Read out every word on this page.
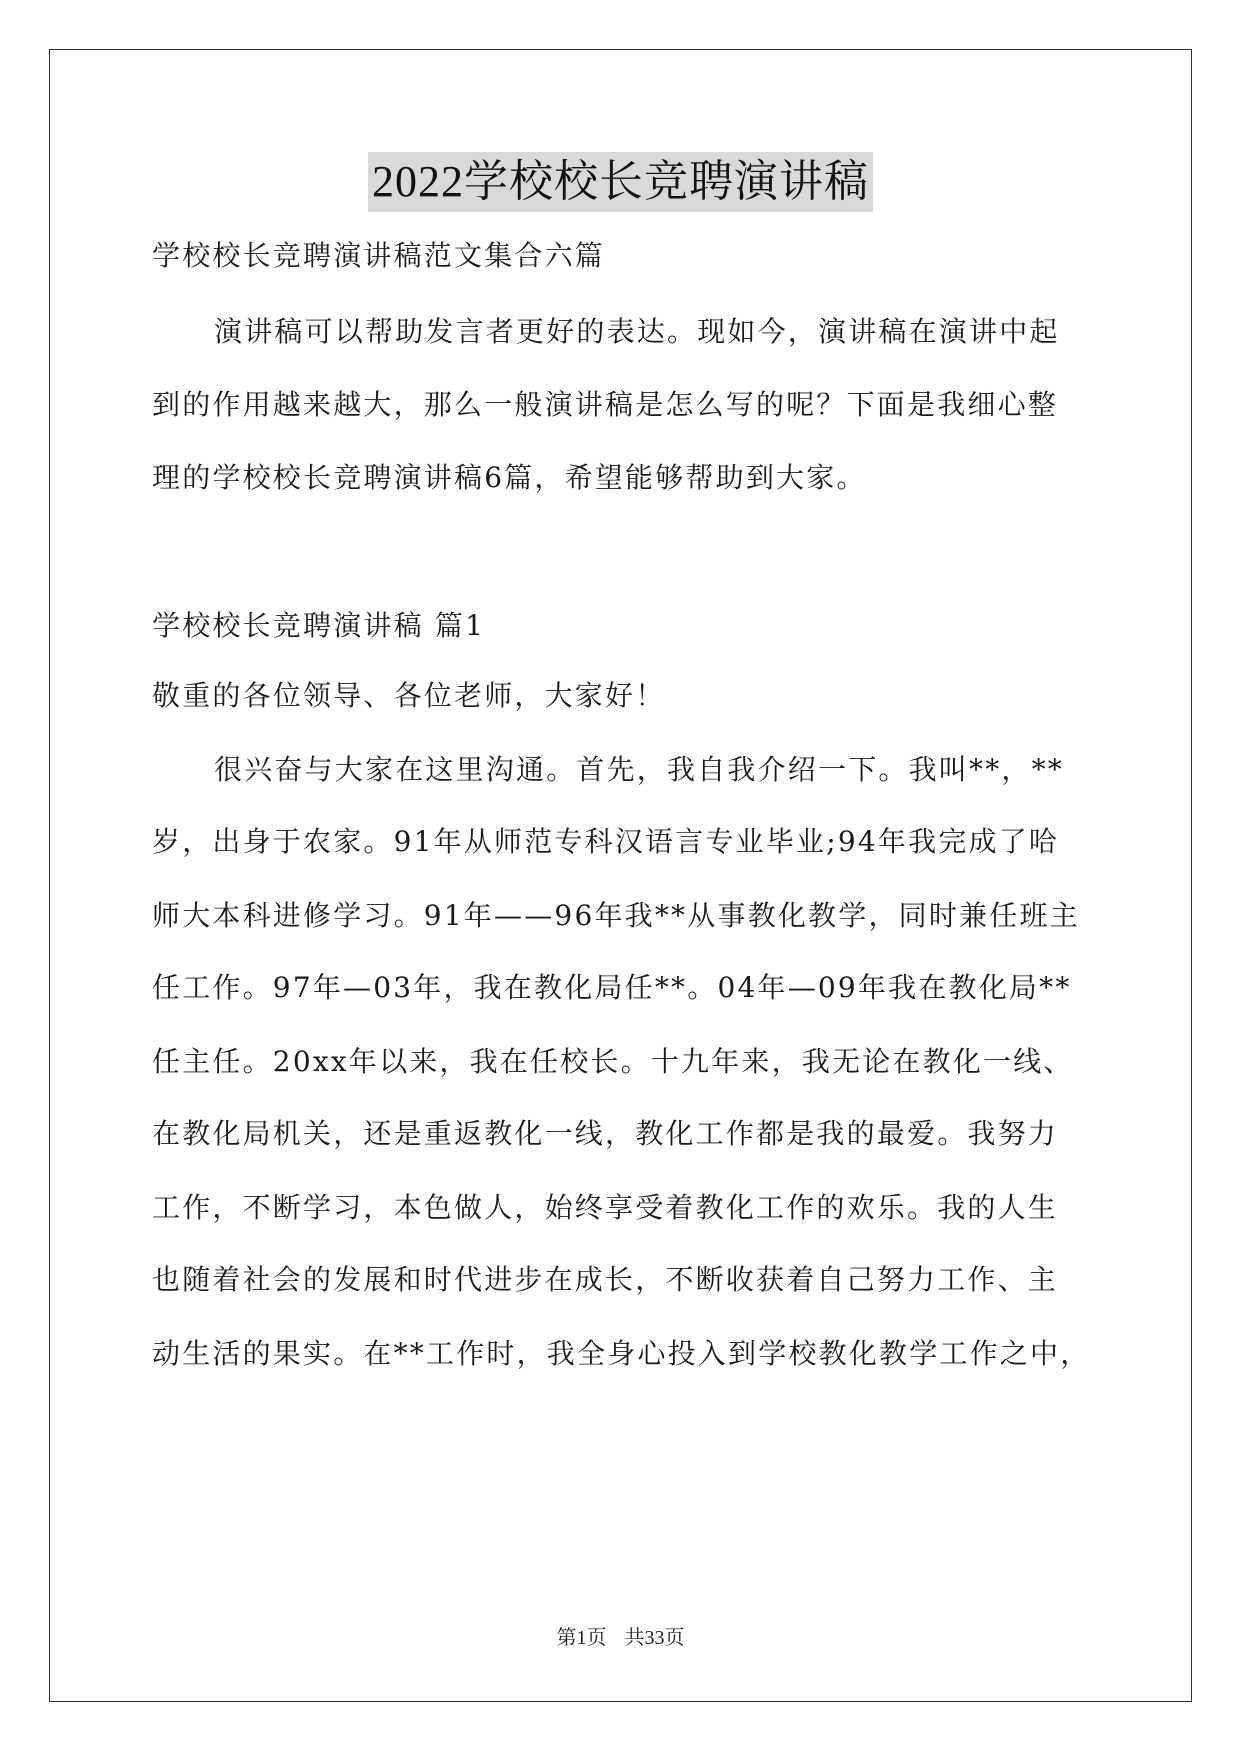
2022学校校长竞聘演讲稿
学校校长竞聘演讲稿范文集合六篇
演讲稿可以帮助发言者更好的表达。现如今，演讲稿在演讲中起
到的作用越来越大，那么一般演讲稿是怎么写的呢？下面是我细心整
理的学校校长竞聘演讲稿6篇，希望能够帮助到大家。
学校校长竞聘演讲稿 篇1
敬重的各位领导、各位老师，大家好！
很兴奋与大家在这里沟通。首先，我自我介绍一下。我叫**，**
岁，出身于农家。91年从师范专科汉语言专业毕业;94年我完成了哈
师大本科进修学习。91年——96年我**从事教化教学，同时兼任班主
任工作。97年—03年，我在教化局任**。04年—09年我在教化局**
任主任。20xx年以来，我在任校长。十九年来，我无论在教化一线、
在教化局机关，还是重返教化一线，教化工作都是我的最爱。我努力
工作，不断学习，本色做人，始终享受着教化工作的欢乐。我的人生
也随着社会的发展和时代进步在成长，不断收获着自己努力工作、主
动生活的果实。在**工作时，我全身心投入到学校教化教学工作之中，
第1页 共33页
